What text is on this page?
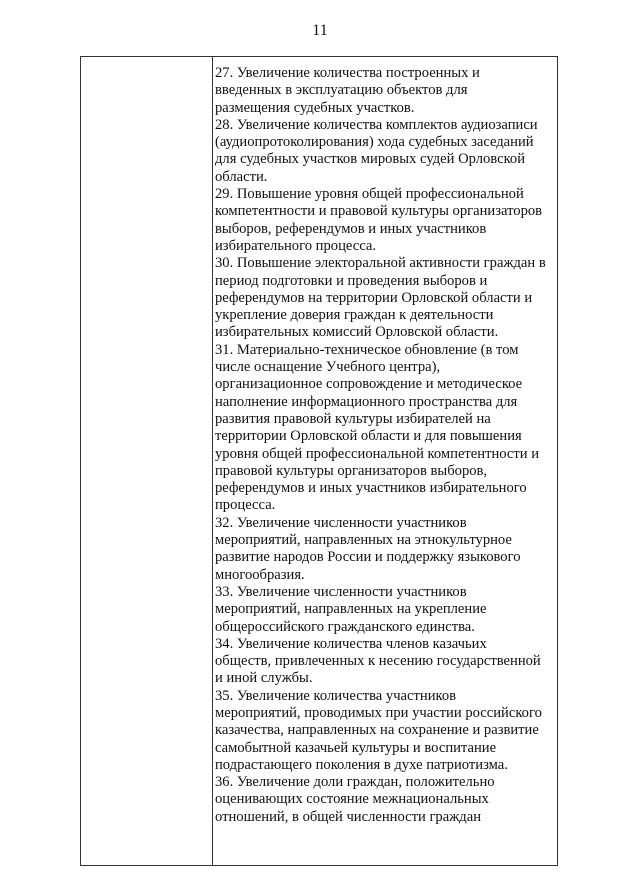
11
27. Увеличение количества построенных и
введенных в эксплуатацию объектов для
размещения судебных участков.
28. Увеличение количества комплектов аудиозаписи
(аудиопротоколирования) хода судебных заседаний
для судебных участков мировых судей Орловской
области.
29. Повышение уровня общей профессиональной
компетентности и правовой культуры организаторов
выборов, референдумов и иных участников
избирательного процесса.
30. Повышение электоральной активности граждан в
период подготовки и проведения выборов и
референдумов на территории Орловской области и
укрепление доверия граждан к деятельности
избирательных комиссий Орловской области.
31. Материально-техническое обновление (в том
числе оснащение Учебного центра),
организационное сопровождение и методическое
наполнение информационного пространства для
развития правовой культуры избирателей на
территории Орловской области и для повышения
уровня общей профессиональной компетентности и
правовой культуры организаторов выборов,
референдумов и иных участников избирательного
процесса.
32. Увеличение численности участников
мероприятий, направленных на этнокультурное
развитие народов России и поддержку языкового
многообразия.
33. Увеличение численности участников
мероприятий, направленных на укрепление
общероссийского гражданского единства.
34. Увеличение количества членов казачьих
обществ, привлеченных к несению государственной
и иной службы.
35. Увеличение количества участников
мероприятий, проводимых при участии российского
казачества, направленных на сохранение и развитие
самобытной казачьей культуры и воспитание
подрастающего поколения в духе патриотизма.
36. Увеличение доли граждан, положительно
оценивающих состояние межнациональных
отношений, в общей численности граждан
